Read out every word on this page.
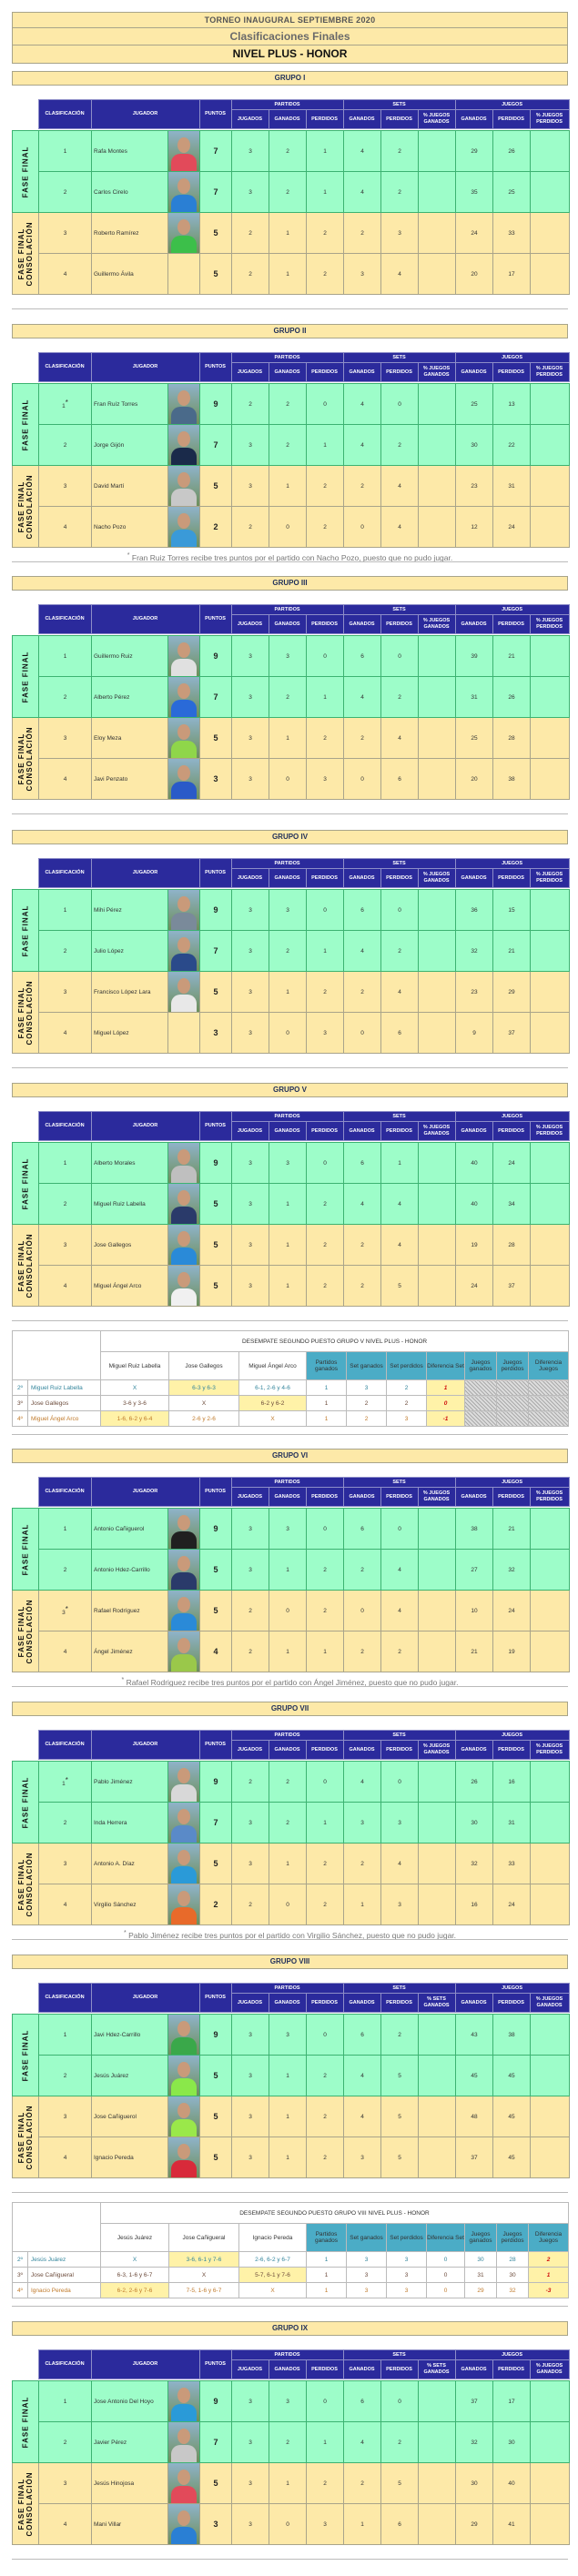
TORNEO INAUGURAL SEPTIEMBRE 2020
Clasificaciones Finales
NIVEL PLUS - HONOR
GRUPO I
	CLASIFICACIÓN	JUGADOR	PUNTOS	PARTIDOS			SETS			JUEGOS		
				JUGADOS	GANADOS	PERDIDOS	GANADOS	PERDIDOS	% JUEGOS GANADOS	GANADOS	PERDIDOS	% JUEGOS PERDIDOS
FASE FINAL	1	Rafa Montes		7	3	2	1	4	2		29	26	
	2	Carlos Cirelo		7	3	2	1	4	2		35	25	

FASE FINAL CONSOLACIÓN	3	Roberto Ramírez		5	2	1	2	2	3		24	33	
	4	Guillermo Ávila		5	2	1	2	3	4		20	17	
GRUPO II
	CLASIFICACIÓN	JUGADOR	PUNTOS	PARTIDOS			SETS			JUEGOS		
				JUGADOS	GANADOS	PERDIDOS	GANADOS	PERDIDOS	% JUEGOS GANADOS	GANADOS	PERDIDOS	% JUEGOS PERDIDOS
FASE FINAL	1*	Fran Ruíz Torres		9	2	2	0	4	0		25	13	
	2	Jorge Gijón		7	3	2	1	4	2		30	22	

FASE FINAL CONSOLACIÓN	3	David Martí		5	3	1	2	2	4		23	31	
	4	Nacho Pozo		2	2	0	2	0	4		12	24	
* Fran Ruiz Torres recibe tres puntos por el partido con Nacho Pozo, puesto que no pudo jugar.
GRUPO III
	CLASIFICACIÓN	JUGADOR	PUNTOS	PARTIDOS			SETS			JUEGOS		
				JUGADOS	GANADOS	PERDIDOS	GANADOS	PERDIDOS	% JUEGOS GANADOS	GANADOS	PERDIDOS	% JUEGOS PERDIDOS
FASE FINAL	1	Guillermo Ruiz		9	3	3	0	6	0		39	21	
	2	Alberto Pérez		7	3	2	1	4	2		31	26	

FASE FINAL CONSOLACIÓN	3	Eloy Meza		5	3	1	2	2	4		25	28	
	4	Javi Penzato		3	3	0	3	0	6		20	38	
GRUPO IV
	CLASIFICACIÓN	JUGADOR	PUNTOS	PARTIDOS			SETS			JUEGOS		
				JUGADOS	GANADOS	PERDIDOS	GANADOS	PERDIDOS	% JUEGOS GANADOS	GANADOS	PERDIDOS	% JUEGOS PERDIDOS
FASE FINAL	1	Mihi Pérez		9	3	3	0	6	0		36	15	
	2	Julio López		7	3	2	1	4	2		32	21	

FASE FINAL CONSOLACIÓN	3	Francisco López Lara		5	3	1	2	2	4		23	29	
	4	Miguel López		3	3	0	3	0	6		9	37	
GRUPO V
	CLASIFICACIÓN	JUGADOR	PUNTOS	PARTIDOS			SETS			JUEGOS		
				JUGADOS	GANADOS	PERDIDOS	GANADOS	PERDIDOS	% JUEGOS GANADOS	GANADOS	PERDIDOS	% JUEGOS PERDIDOS
FASE FINAL	1	Alberto Morales		9	3	3	0	6	1		40	24	
	2	Miguel Ruiz Labella		5	3	1	2	4	4		40	34	

FASE FINAL CONSOLACIÓN	3	Jose Gallegos		5	3	1	2	2	4		19	28	
	4	Miguel Ángel Arco		5	3	1	2	2	5		24	37	
GRUPO VI
	CLASIFICACIÓN	JUGADOR	PUNTOS	PARTIDOS			SETS			JUEGOS		
				JUGADOS	GANADOS	PERDIDOS	GANADOS	PERDIDOS	% JUEGOS GANADOS	GANADOS	PERDIDOS	% JUEGOS PERDIDOS
FASE FINAL	1	Antonio Cañiguerol		9	3	3	0	6	0		38	21	
	2	Antonio Hdez-Carrillo		5	3	1	2	2	4		27	32	

FASE FINAL CONSOLACIÓN	3*	Rafael Rodríguez		5	2	0	2	0	4		10	24	
	4	Ángel Jiménez		4	2	1	1	2	2		21	19	
* Rafael Rodriguez recibe tres puntos por el partido con Ángel Jiménez, puesto que no pudo jugar.
GRUPO VII
	CLASIFICACIÓN	JUGADOR	PUNTOS	PARTIDOS			SETS			JUEGOS		
				JUGADOS	GANADOS	PERDIDOS	GANADOS	PERDIDOS	% JUEGOS GANADOS	GANADOS	PERDIDOS	% JUEGOS PERDIDOS
FASE FINAL	1*	Pablo Jiménez		9	2	2	0	4	0		26	16	
	2	Inda Herrera		7	3	2	1	3	3		30	31	

FASE FINAL CONSOLACIÓN	3	Antonio A. Díaz		5	3	1	2	2	4		32	33	
	4	Virgilio Sánchez		2	2	0	2	1	3		16	24	
* Pablo Jiménez recibe tres puntos por el partido con Virgilio Sánchez, puesto que no pudo jugar.
GRUPO VIII
	CLASIFICACIÓN	JUGADOR	PUNTOS	PARTIDOS			SETS			JUEGOS		
				JUGADOS	GANADOS	PERDIDOS	GANADOS	PERDIDOS	% SETS GANADOS	GANADOS	PERDIDOS	% JUEGOS GANADOS
FASE FINAL	1	Javi Hdez-Carrillo		9	3	3	0	6	2		43	38	
	2	Jesús Juárez		5	3	1	2	4	5		45	45	

FASE FINAL CONSOLACIÓN	3	Jose Cañiguerol		5	3	1	2	4	5		48	45	
	4	Ignacio Pereda		5	3	1	2	3	5		37	45	
GRUPO IX
	CLASIFICACIÓN	JUGADOR	PUNTOS	PARTIDOS			SETS			JUEGOS		
				JUGADOS	GANADOS	PERDIDOS	GANADOS	PERDIDOS	% SETS GANADOS	GANADOS	PERDIDOS	% JUEGOS GANADOS
FASE FINAL	1	Jose Antonio Del Hoyo		9	3	3	0	6	0		37	17	
	2	Javier Pérez		7	3	2	1	4	2		32	30	

FASE FINAL CONSOLACIÓN	3	Jesús Hinojosa		5	3	1	2	2	5		30	40	
	4	Mani Villar		3	3	0	3	1	6		29	41	
		DESEMPATE SEGUNDO PUESTO GRUPO V NIVEL PLUS - HONOR									
		Miguel Ruiz Labella	Jose Gallegos	Miguel Ángel Arco	Partidos ganados	Set ganados	Set perdidos	Diferencia Set	Juegos ganados	Juegos perdidos	Diferencia Juegos
2º	Miguel Ruiz Labella	X	6-3 y 6-3	6-1, 2-6 y 4-6	1	3	2	1			
3º	Jose Gallegos	3-6 y 3-6	X	6-2 y 6-2	1	2	2	0			
4º	Miguel Ángel Arco	1-6, 6-2 y 6-4	2-6 y 2-6	X	1	2	3	-1			
		DESEMPATE SEGUNDO PUESTO GRUPO VIII NIVEL PLUS - HONOR									
		Jesús Juárez	Jose Cañigueral	Ignacio Pereda	Partidos ganados	Set ganados	Set perdidos	Diferencia Set	Juegos ganados	Juegos perdidos	Diferencia Juegos
2º	Jesús Juárez	X	3-6, 6-1 y 7-6	2-6, 6-2 y 6-7	1	3	3	0	30	28	2
3º	Jose Cañigueral	6-3, 1-6 y 6-7	X	5-7, 6-1 y 7-6	1	3	3	0	31	30	1
4º	Ignacio Pereda	6-2, 2-6 y 7-6	7-5, 1-6 y 6-7	X	1	3	3	0	29	32	-3
